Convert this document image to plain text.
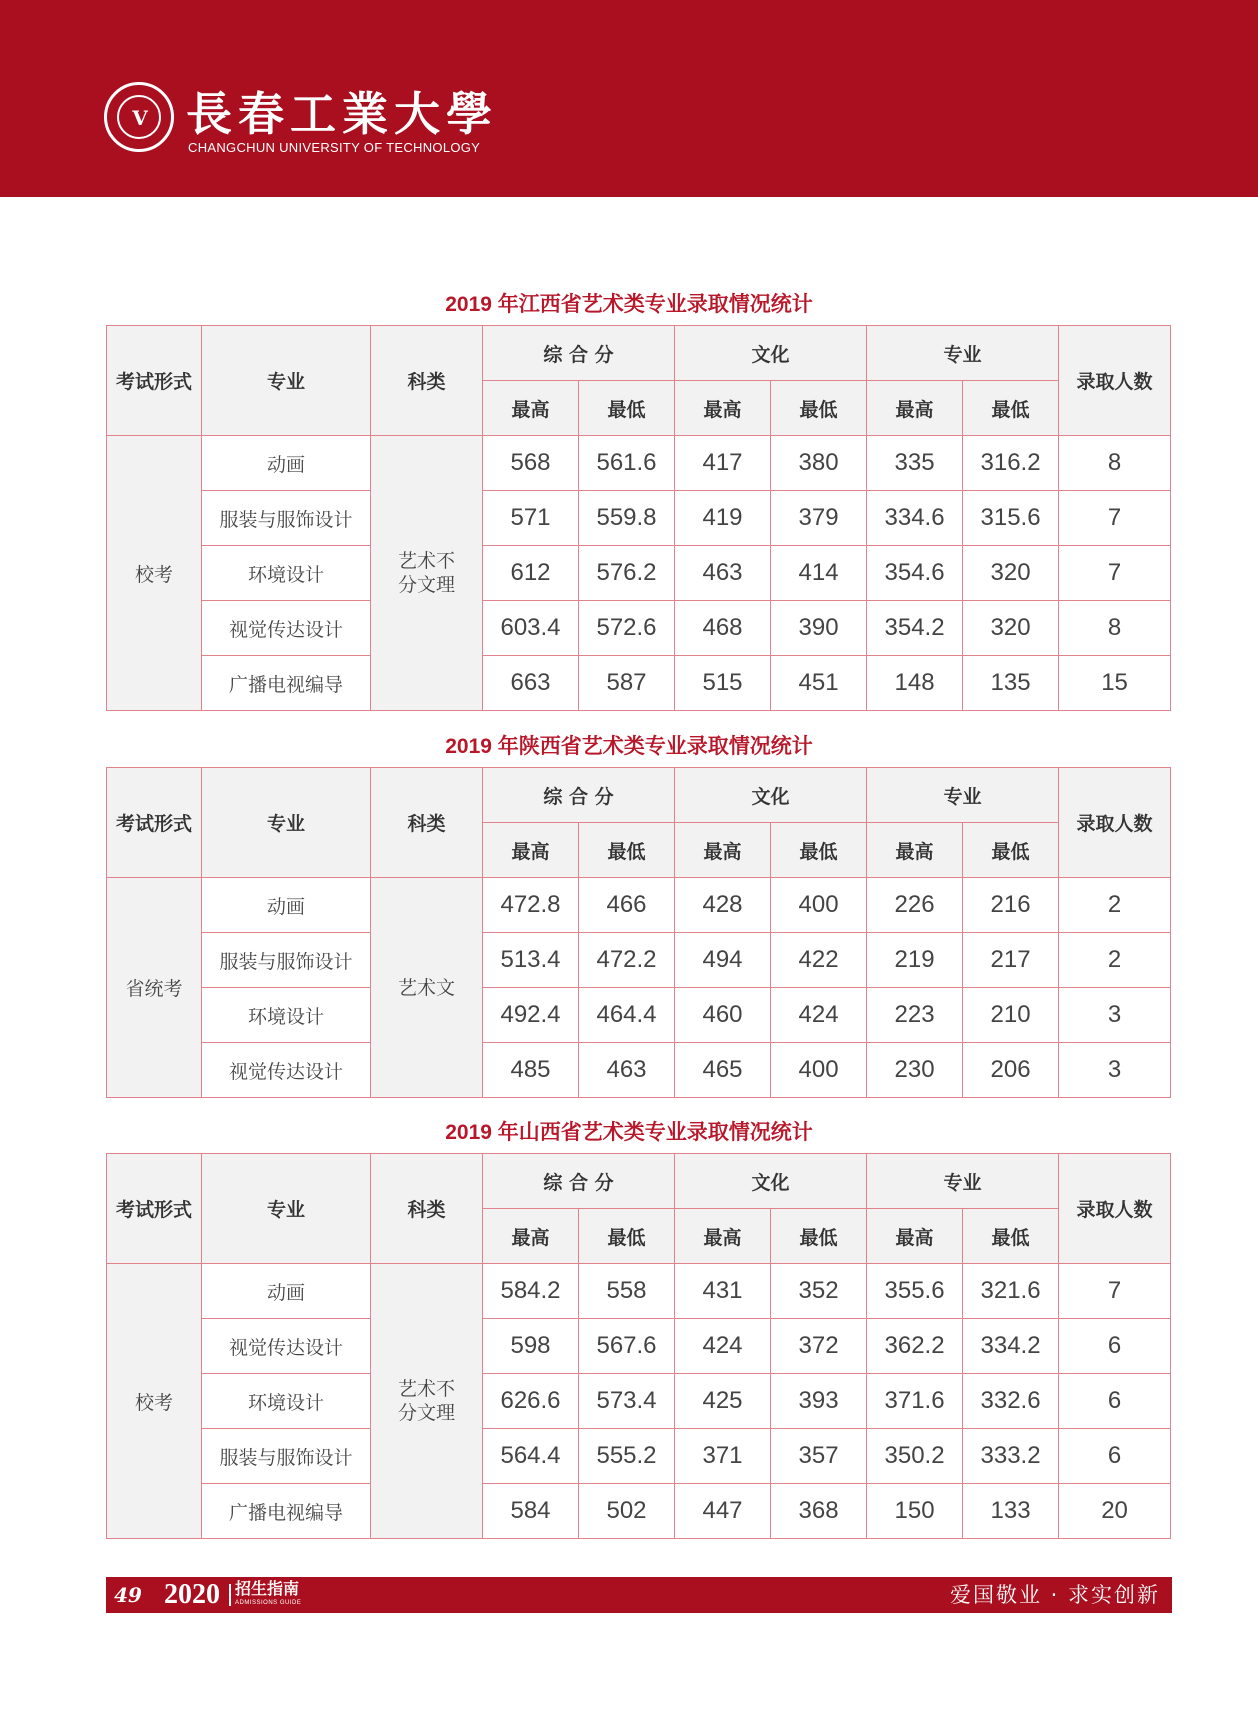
V 長春工業大學
CHANGCHUN UNIVERSITY OF TECHNOLOGY
2019 年江西省艺术类专业录取情况统计
2019 年陕西省艺术类专业录取情况统计
2019 年山西省艺术类专业录取情况统计
考试形式	专业	科类	综 合 分		文化		专业		录取人数
			最高	最低	最高	最低	最高	最低	
校考	动画	艺术不分文理	568	561.6	417	380	335	316.2	8
	服装与服饰设计		571	559.8	419	379	334.6	315.6	7
	环境设计		612	576.2	463	414	354.6	320	7
	视觉传达设计		603.4	572.6	468	390	354.2	320	8
	广播电视编导		663	587	515	451	148	135	15
考试形式	专业	科类	综 合 分		文化		专业		录取人数
			最高	最低	最高	最低	最高	最低	
省统考	动画	艺术文	472.8	466	428	400	226	216	2
	服装与服饰设计		513.4	472.2	494	422	219	217	2
	环境设计		492.4	464.4	460	424	223	210	3
	视觉传达设计		485	463	465	400	230	206	3
考试形式	专业	科类	综 合 分		文化		专业		录取人数
			最高	最低	最高	最低	最高	最低	
校考	动画	艺术不分文理	584.2	558	431	352	355.6	321.6	7
	视觉传达设计		598	567.6	424	372	362.2	334.2	6
	环境设计		626.6	573.4	425	393	371.6	332.6	6
	服装与服饰设计		564.4	555.2	371	357	350.2	333.2	6
	广播电视编导		584	502	447	368	150	133	20
49 2020 招生指南
ADMISSIONS GUIDE	爱国敬业 · 求实创新
